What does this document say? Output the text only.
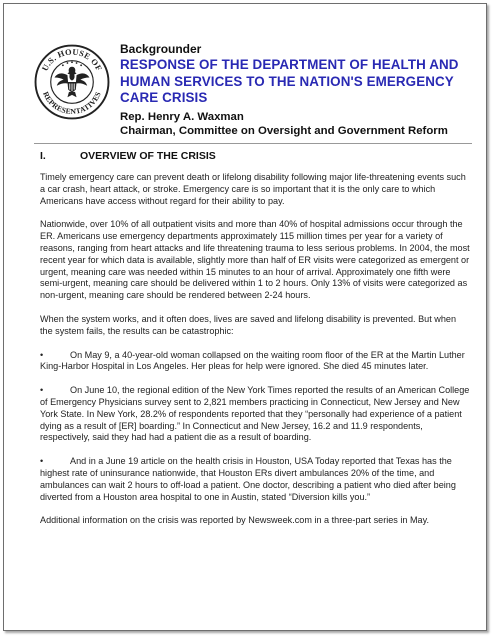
U.S. HOUSE OF
REPRESENTATIVES
Backgrounder
RESPONSE OF THE DEPARTMENT OF HEALTH AND
HUMAN SERVICES TO THE NATION'S EMERGENCY
CARE CRISIS
Rep. Henry A. Waxman
Chairman, Committee on Oversight and Government Reform
I.	OVERVIEW OF THE CRISIS

Timely emergency care can prevent death or lifelong disability following major life-threatening events such a car crash, heart attack, or stroke. Emergency care is so important that it is the only care to which Americans have access without regard for their ability to pay.

Nationwide, over 10% of all outpatient visits and more than 40% of hospital admissions occur through the ER. Americans use emergency departments approximately 115 million times per year for a variety of reasons, ranging from heart attacks and life threatening trauma to less serious problems. In 2004, the most recent year for which data is available, slightly more than half of ER visits were categorized as emergent or urgent, meaning care was needed within 15 minutes to an hour of arrival. Approximately one fifth were semi-urgent, meaning care should be delivered within 1 to 2 hours. Only 13% of visits were categorized as non-urgent, meaning care should be rendered between 2-24 hours.

When the system works, and it often does, lives are saved and lifelong disability is prevented. But when the system fails, the results can be catastrophic:

•	On May 9, a 40-year-old woman collapsed on the waiting room floor of the ER at the Martin Luther King-Harbor Hospital in Los Angeles. Her pleas for help were ignored. She died 45 minutes later.

•	On June 10, the regional edition of the New York Times reported the results of an American College of Emergency Physicians survey sent to 2,821 members practicing in Connecticut, New Jersey and New York State. In New York, 28.2% of respondents reported that they “personally had experience of a patient dying as a result of [ER] boarding.” In Connecticut and New Jersey, 16.2 and 11.9 respondents, respectively, said they had had a patient die as a result of boarding.

•	And in a June 19 article on the health crisis in Houston, USA Today reported that Texas has the highest rate of uninsurance nationwide, that Houston ERs divert ambulances 20% of the time, and ambulances can wait 2 hours to off-load a patient. One doctor, describing a patient who died after being diverted from a Houston area hospital to one in Austin, stated “Diversion kills you.”

Additional information on the crisis was reported by Newsweek.com in a three-part series in May.
